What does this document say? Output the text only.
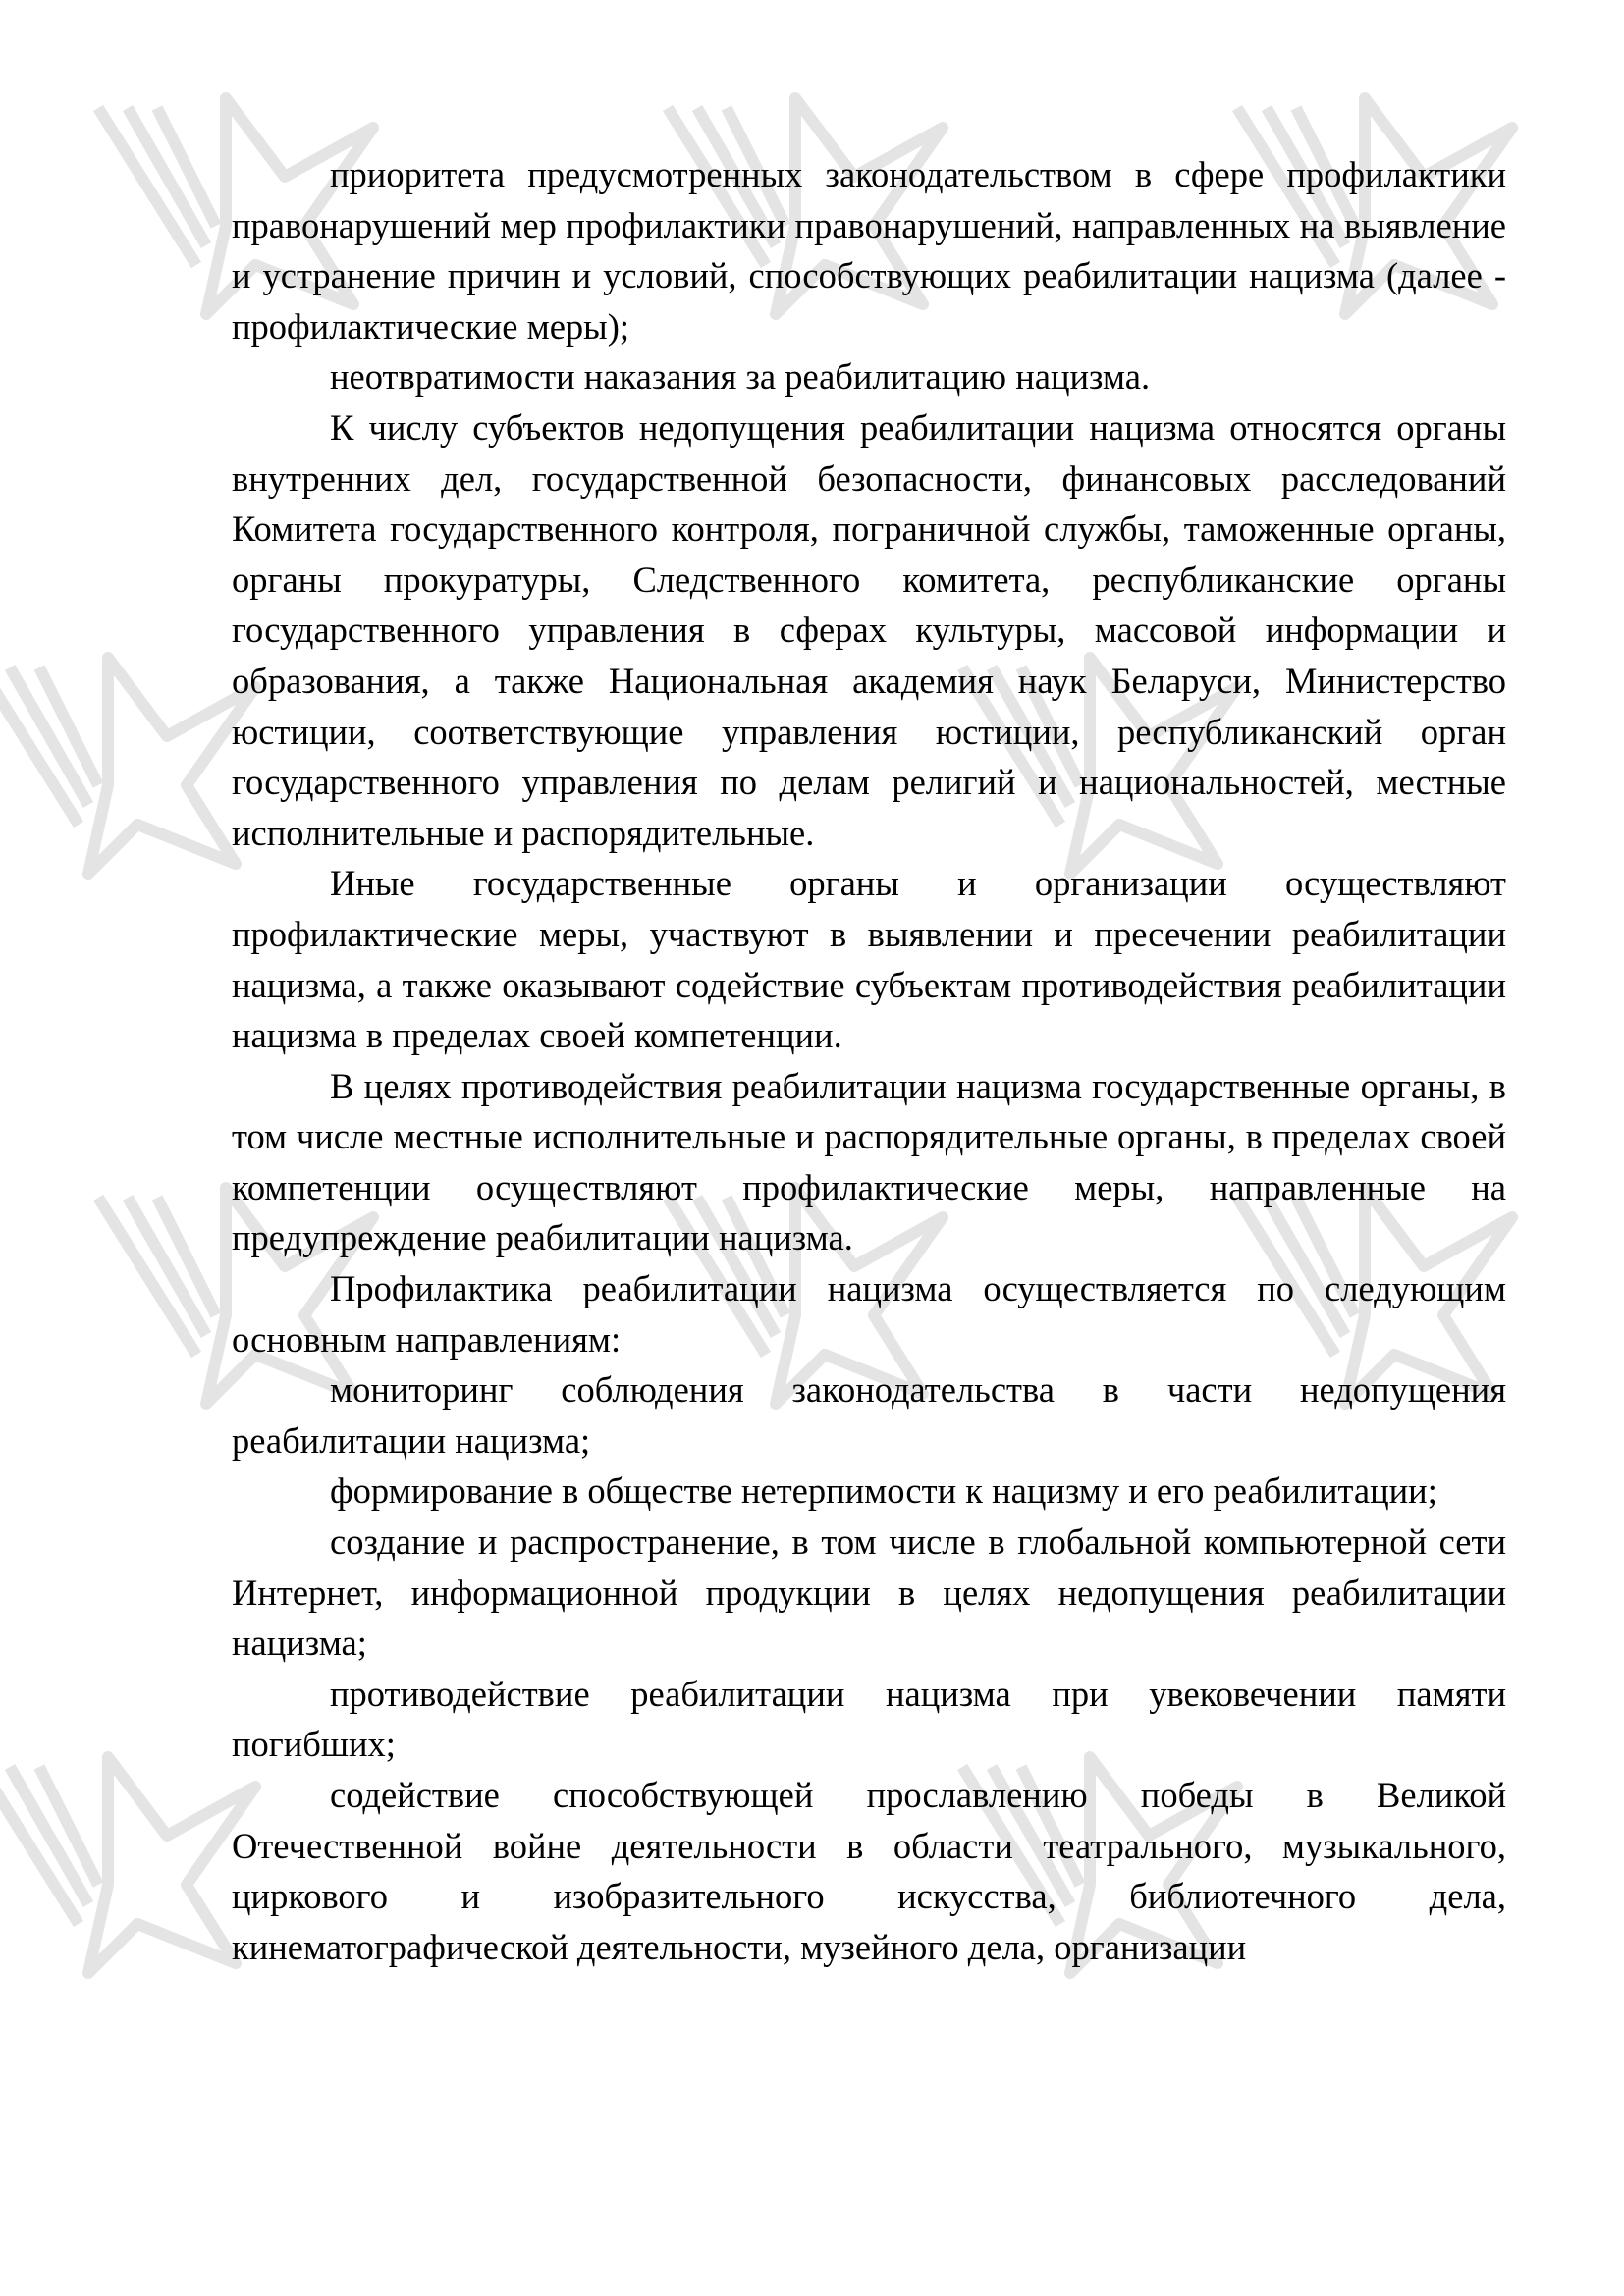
приоритета предусмотренных законодательством в сфере профилактики правонарушений мер профилактики правонарушений, направленных на выявление и устранение причин и условий, способствующих реабилитации нацизма (далее - профилактические меры);

неотвратимости наказания за реабилитацию нацизма.

К числу субъектов недопущения реабилитации нацизма относятся органы внутренних дел, государственной безопасности, финансовых расследований Комитета государственного контроля, пограничной службы, таможенные органы, органы прокуратуры, Следственного комитета, республиканские органы государственного управления в сферах культуры, массовой информации и образования, а также Национальная академия наук Беларуси, Министерство юстиции, соответствующие управления юстиции, республиканский орган государственного управления по делам религий и национальностей, местные исполнительные и распорядительные.

Иные государственные органы и организации осуществляют профилактические меры, участвуют в выявлении и пресечении реабилитации нацизма, а также оказывают содействие субъектам противодействия реабилитации нацизма в пределах своей компетенции.

В целях противодействия реабилитации нацизма государственные органы, в том числе местные исполнительные и распорядительные органы, в пределах своей компетенции осуществляют профилактические меры, направленные на предупреждение реабилитации нацизма.

Профилактика реабилитации нацизма осуществляется по следующим основным направлениям:

мониторинг соблюдения законодательства в части недопущения реабилитации нацизма;

формирование в обществе нетерпимости к нацизму и его реабилитации;

создание и распространение, в том числе в глобальной компьютерной сети Интернет, информационной продукции в целях недопущения реабилитации нацизма;

противодействие реабилитации нацизма при увековечении памяти погибших;

содействие способствующей прославлению победы в Великой Отечественной войне деятельности в области театрального, музыкального, циркового и изобразительного искусства, библиотечного дела, кинематографической деятельности, музейного дела, организации
